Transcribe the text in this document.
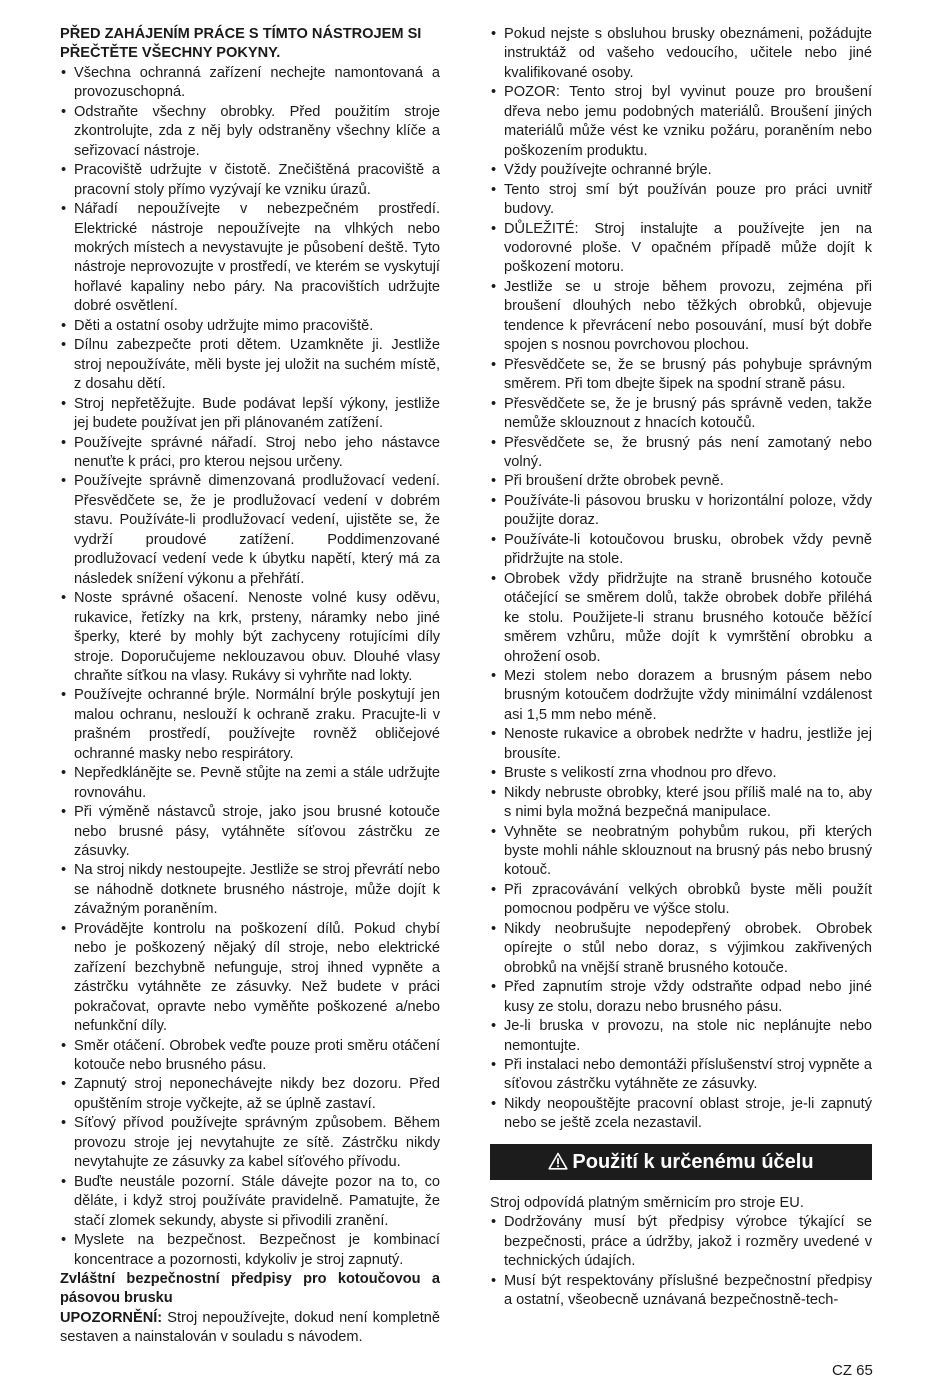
PŘED ZAHÁJENÍM PRÁCE S TÍMTO NÁSTROJEM SI PŘEČTĚTE VŠECHNY POKYNY.

• Všechna ochranná zařízení nechejte namontovaná a provozuschopná.
• Odstraňte všechny obrobky. Před použitím stroje zkontrolujte, zda z něj byly odstraněny všechny klíče a seřizovací nástroje.
• Pracoviště udržujte v čistotě. Znečištěná pracoviště a pracovní stoly přímo vyzývají ke vzniku úrazů.
• Nářadí nepoužívejte v nebezpečném prostředí. Elektrické nástroje nepoužívejte na vlhkých nebo mokrých místech a nevystavujte je působení deště. Tyto nástroje neprovozujte v prostředí, ve kterém se vyskytují hořlavé kapaliny nebo páry. Na pracovištích udržujte dobré osvětlení.
• Děti a ostatní osoby udržujte mimo pracoviště.
• Dílnu zabezpečte proti dětem. Uzamkněte ji. Jestliže stroj nepoužíváte, měli byste jej uložit na suchém místě, z dosahu dětí.
• Stroj nepřetěžujte. Bude podávat lepší výkony, jestliže jej budete používat jen při plánovaném zatížení.
• Používejte správné nářadí. Stroj nebo jeho nástavce nenuťte k práci, pro kterou nejsou určeny.
• Používejte správně dimenzovaná prodlužovací vedení. Přesvědčete se, že je prodlužovací vedení v dobrém stavu. Používáte-li prodlužovací vedení, ujistěte se, že vydrží proudové zatížení. Poddimenzované prodlužovací vedení vede k úbytku napětí, který má za následek snížení výkonu a přehřátí.
• Noste správné ošacení. Nenoste volné kusy oděvu, rukavice, řetízky na krk, prsteny, náramky nebo jiné šperky, které by mohly být zachyceny rotujícími díly stroje. Doporučujeme neklouzavou obuv. Dlouhé vlasy chraňte síťkou na vlasy. Rukávy si vyhrňte nad lokty.
• Používejte ochranné brýle. Normální brýle poskytují jen malou ochranu, neslouží k ochraně zraku. Pracujte-li v prašném prostředí, používejte rovněž obličejové ochranné masky nebo respirátory.
• Nepředklánějte se. Pevně stůjte na zemi a stále udržujte rovnováhu.
• Při výměně nástavců stroje, jako jsou brusné kotouče nebo brusné pásy, vytáhněte síťovou zástrčku ze zásuvky.
• Na stroj nikdy nestoupejte. Jestliže se stroj převrátí nebo se náhodně dotknete brusného nástroje, může dojít k závažným poraněním.
• Provádějte kontrolu na poškození dílů. Pokud chybí nebo je poškozený nějaký díl stroje, nebo elektrické zařízení bezchybně nefunguje, stroj ihned vypněte a zástrčku vytáhněte ze zásuvky. Než budete v práci pokračovat, opravte nebo vyměňte poškozené a/nebo nefunkční díly.
• Směr otáčení. Obrobek veďte pouze proti směru otáčení kotouče nebo brusného pásu.
• Zapnutý stroj neponechávejte nikdy bez dozoru. Před opuštěním stroje vyčkejte, až se úplně zastaví.
• Síťový přívod používejte správným způsobem. Během provozu stroje jej nevytahujte ze sítě. Zástrčku nikdy nevytahujte ze zásuvky za kabel síťového přívodu.
• Buďte neustále pozorní. Stále dávejte pozor na to, co děláte, i když stroj používáte pravidelně. Pamatujte, že stačí zlomek sekundy, abyste si přivodili zranění.
• Myslete na bezpečnost. Bezpečnost je kombinací koncentrace a pozornosti, kdykoliv je stroj zapnutý.

Zvláštní bezpečnostní předpisy pro kotoučovou a pásovou brusku

UPOZORNĚNÍ: Stroj nepoužívejte, dokud není kompletně sestaven a nainstalován v souladu s návodem.

• Pokud nejste s obsluhou brusky obeznámeni, požádujte instruktáž od vašeho vedoucího, učitele nebo jiné kvalifikované osoby.
• POZOR: Tento stroj byl vyvinut pouze pro broušení dřeva nebo jemu podobných materiálů. Broušení jiných materiálů může vést ke vzniku požáru, poraněním nebo poškozením produktu.
• Vždy používejte ochranné brýle.
• Tento stroj smí být používán pouze pro práci uvnitř budovy.
• DŮLEŽITÉ: Stroj instalujte a používejte jen na vodorovné ploše. V opačném případě může dojít k poškození motoru.
• Jestliže se u stroje během provozu, zejména při broušení dlouhých nebo těžkých obrobků, objevuje tendence k převrácení nebo posouvání, musí být dobře spojen s nosnou povrchovou plochou.
• Přesvědčete se, že se brusný pás pohybuje správným směrem. Při tom dbejte šipek na spodní straně pásu.
• Přesvědčete se, že je brusný pás správně veden, takže nemůže sklouznout z hnacích kotoučů.
• Přesvědčete se, že brusný pás není zamotaný nebo volný.
• Při broušení držte obrobek pevně.
• Používáte-li pásovou brusku v horizontální poloze, vždy použijte doraz.
• Používáte-li kotoučovou brusku, obrobek vždy pevně přidržujte na stole.
• Obrobek vždy přidržujte na straně brusného kotouče otáčející se směrem dolů, takže obrobek dobře přiléhá ke stolu. Použijete-li stranu brusného kotouče běžící směrem vzhůru, může dojít k vymrštění obrobku a ohrožení osob.
• Mezi stolem nebo dorazem a brusným pásem nebo brusným kotoučem dodržujte vždy minimální vzdálenost asi 1,5 mm nebo méně.
• Nenoste rukavice a obrobek nedržte v hadru, jestliže jej brousíte.
• Bruste s velikostí zrna vhodnou pro dřevo.
• Nikdy nebruste obrobky, které jsou příliš malé na to, aby s nimi byla možná bezpečná manipulace.
• Vyhněte se neobratným pohybům rukou, při kterých byste mohli náhle sklouznout na brusný pás nebo brusný kotouč.
• Při zpracovávání velkých obrobků byste měli použít pomocnou podpěru ve výšce stolu.
• Nikdy neobrušujte nepodepřený obrobek. Obrobek opírejte o stůl nebo doraz, s výjimkou zakřivených obrobků na vnější straně brusného kotouče.
• Před zapnutím stroje vždy odstraňte odpad nebo jiné kusy ze stolu, dorazu nebo brusného pásu.
• Je-li bruska v provozu, na stole nic neplánujte nebo nemontujte.
• Při instalaci nebo demontáži příslušenství stroj vypněte a síťovou zástrčku vytáhněte ze zásuvky.
• Nikdy neopouštějte pracovní oblast stroje, je-li zapnutý nebo se ještě zcela nezastavil.
Použití k určenému účelu

Stroj odpovídá platným směrnicím pro stroje EU.

• Dodržovány musí být předpisy výrobce týkající se bezpečnosti, práce a údržby, jakož i rozměry uvedené v technických údajích.
• Musí být respektovány příslušné bezpečnostní předpisy a ostatní, všeobecně uznávaná bezpečnostně-tech-
CZ 65
